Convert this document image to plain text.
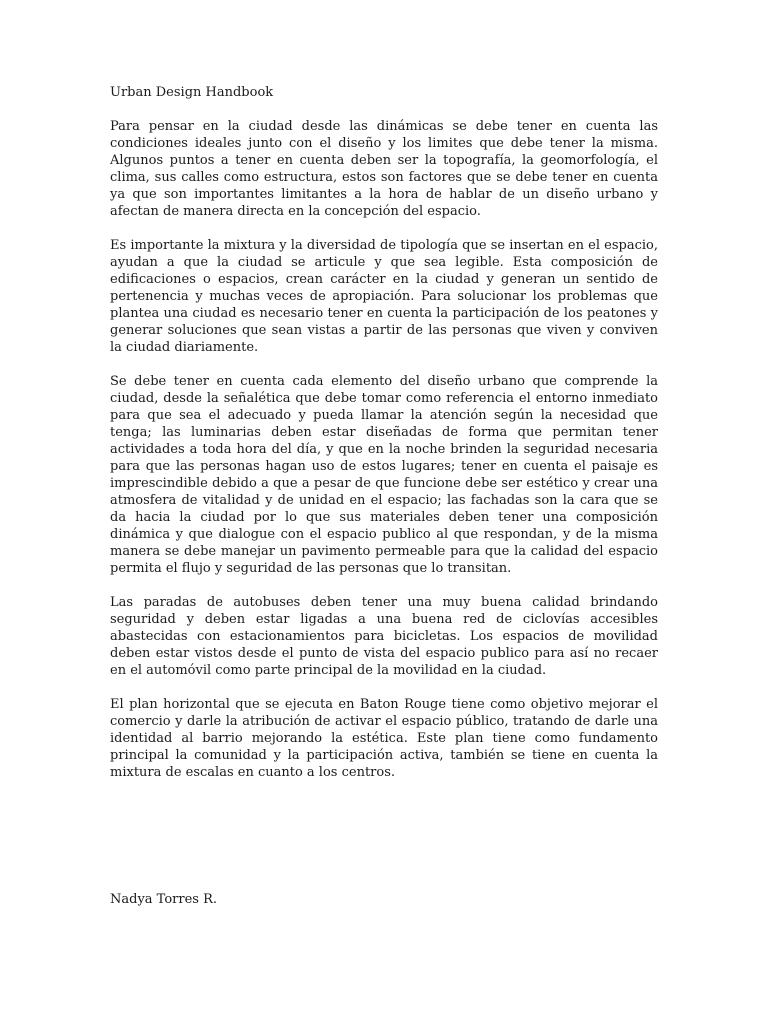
Urban Design Handbook

Para pensar en la ciudad desde las dinámicas se debe tener en cuenta las condiciones ideales junto con el diseño y los limites que debe tener la misma. Algunos puntos a tener en cuenta deben ser la topografía, la geomorfología, el clima, sus calles como estructura, estos son factores que se debe tener en cuenta ya que son importantes limitantes a la hora de hablar de un diseño urbano y afectan de manera directa en la concepción del espacio.

Es importante la mixtura y la diversidad de tipología que se insertan en el espacio, ayudan a que la ciudad se articule y que sea legible. Esta composición de edificaciones o espacios, crean carácter en la ciudad y generan un sentido de pertenencia y muchas veces de apropiación. Para solucionar los problemas que plantea una ciudad es necesario tener en cuenta la participación de los peatones y generar soluciones que sean vistas a partir de las personas que viven y conviven la ciudad diariamente.

Se debe tener en cuenta cada elemento del diseño urbano que comprende la ciudad, desde la señalética que debe tomar como referencia el entorno inmediato para que sea el adecuado y pueda llamar la atención según la necesidad que tenga; las luminarias deben estar diseñadas de forma que permitan tener actividades a toda hora del día, y que en la noche brinden la seguridad necesaria para que las personas hagan uso de estos lugares; tener en cuenta el paisaje es imprescindible debido a que a pesar de que funcione debe ser estético y crear una atmosfera de vitalidad y de unidad en el espacio; las fachadas son la cara que se da hacia la ciudad por lo que sus materiales deben tener una composición dinámica y que dialogue con el espacio publico al que respondan, y de la misma manera se debe manejar un pavimento permeable para que la calidad del espacio permita el flujo y seguridad de las personas que lo transitan.

Las paradas de autobuses deben tener una muy buena calidad brindando seguridad y deben estar ligadas a una buena red de ciclovías accesibles abastecidas con estacionamientos para bicicletas. Los espacios de movilidad deben estar vistos desde el punto de vista del espacio publico para así no recaer en el automóvil como parte principal de la movilidad en la ciudad.

El plan horizontal que se ejecuta en Baton Rouge tiene como objetivo mejorar el comercio y darle la atribución de activar el espacio público, tratando de darle una identidad al barrio mejorando la estética. Este plan tiene como fundamento principal la comunidad y la participación activa, también se tiene en cuenta la mixtura de escalas en cuanto a los centros.

Nadya Torres R.
